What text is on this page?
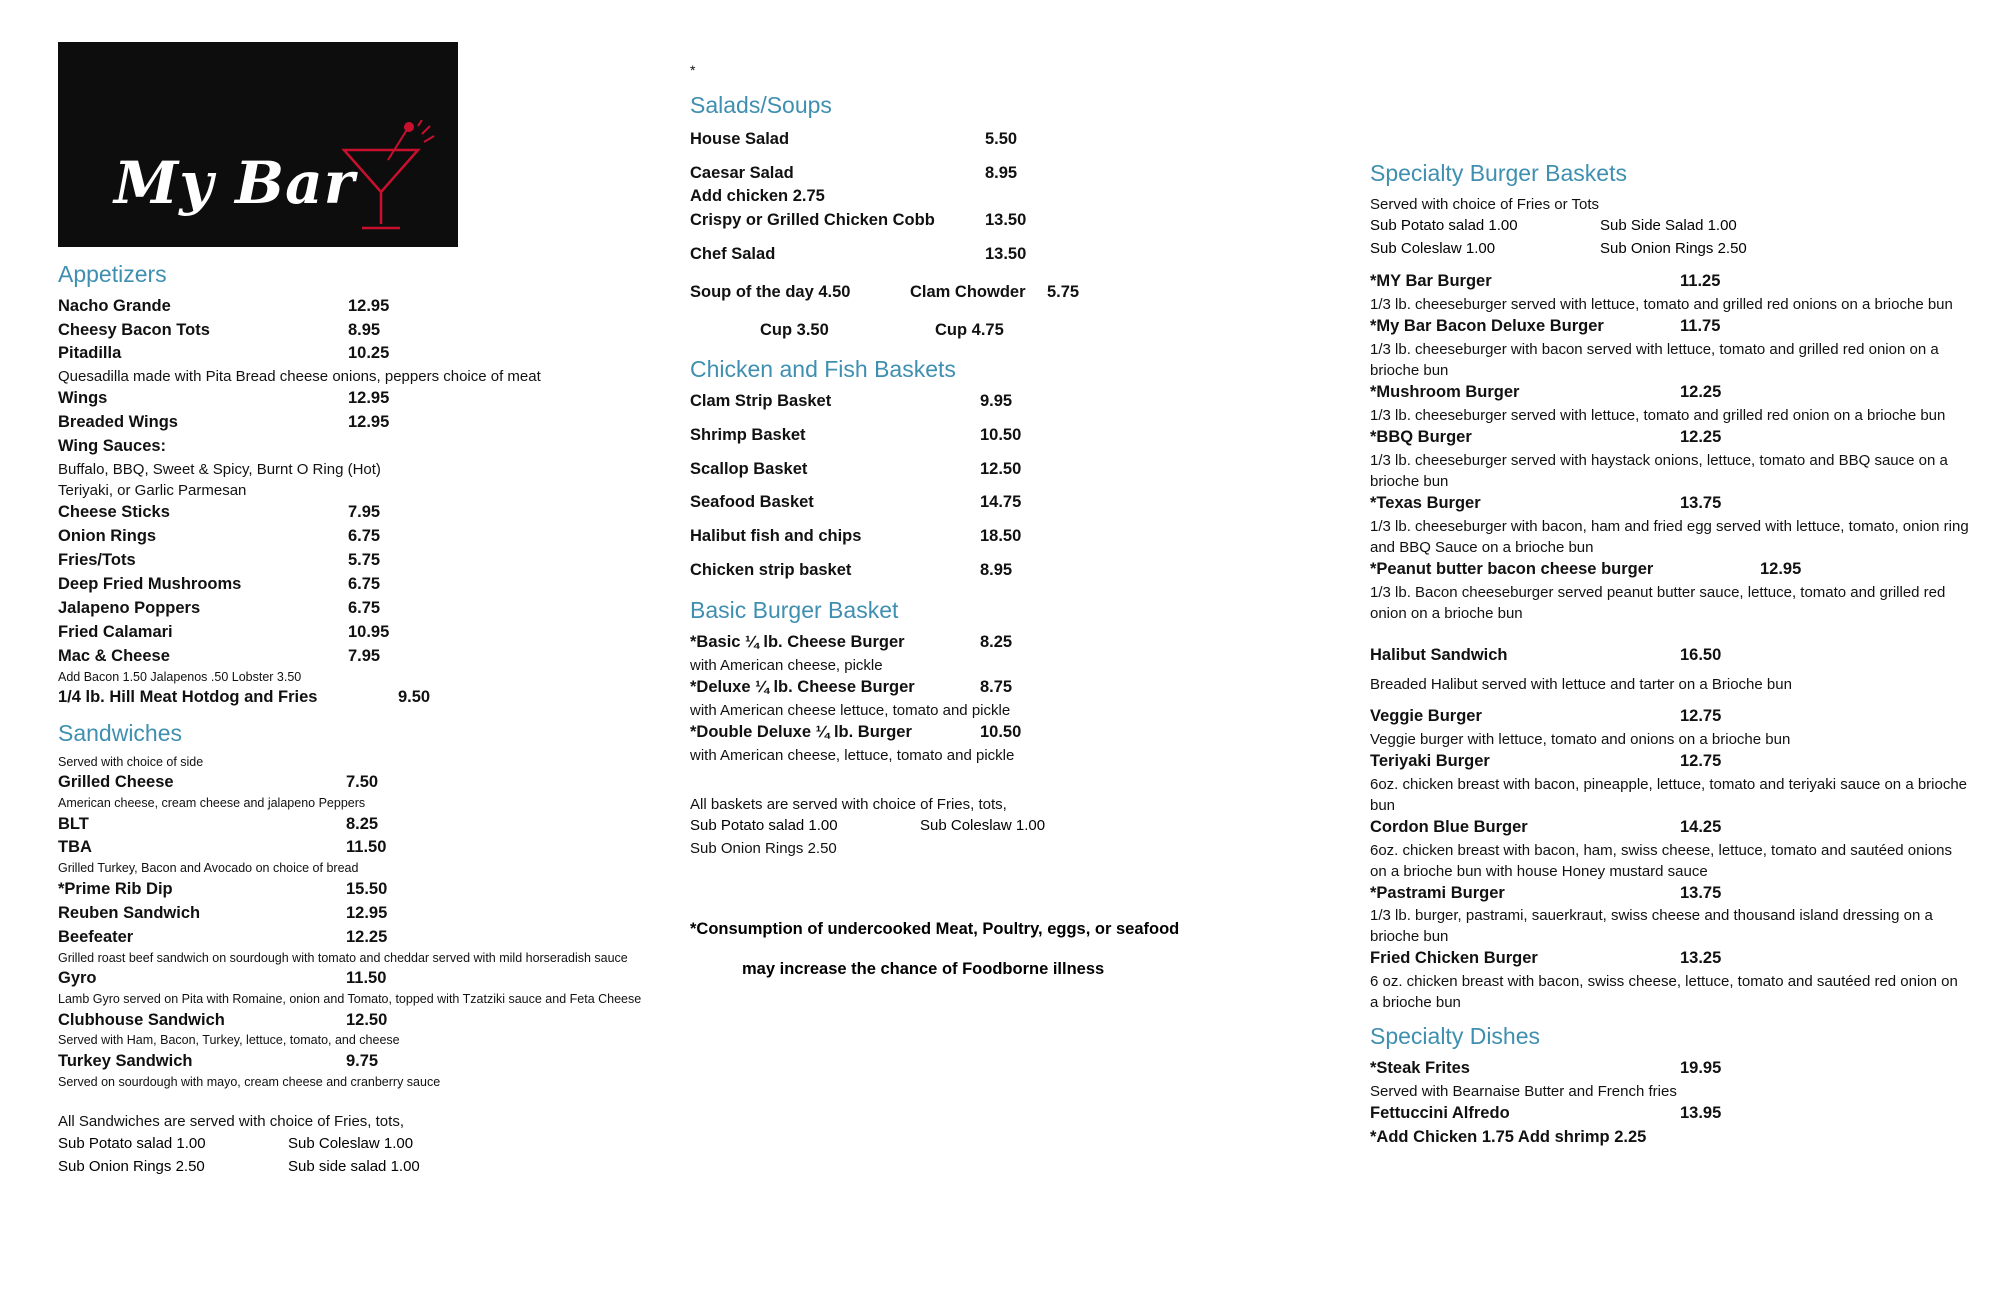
My Bar
Appetizers
Nacho Grande	12.95
Cheesy Bacon Tots	8.95
Pitadilla	10.25
Quesadilla made with Pita Bread cheese onions, peppers choice of meat
Wings	12.95
Breaded Wings	12.95
Wing Sauces:
Buffalo, BBQ, Sweet & Spicy, Burnt O Ring (Hot)
Teriyaki, or Garlic Parmesan
Cheese Sticks	7.95
Onion Rings	6.75
Fries/Tots	5.75
Deep Fried Mushrooms	6.75
Jalapeno Poppers	6.75
Fried Calamari	10.95
Mac & Cheese	7.95
Add Bacon 1.50 Jalapenos .50 Lobster 3.50
1/4 lb. Hill Meat Hotdog and Fries	9.50
Sandwiches
Served with choice of side
Grilled Cheese	7.50
American cheese, cream cheese and jalapeno Peppers
BLT	8.25
TBA	11.50
Grilled Turkey, Bacon and Avocado on choice of bread
*Prime Rib Dip	15.50
Reuben Sandwich	12.95
Beefeater	12.25
Grilled roast beef sandwich on sourdough with tomato and cheddar served with mild horseradish sauce
Gyro	11.50
Lamb Gyro served on Pita with Romaine, onion and Tomato, topped with Tzatziki sauce and Feta Cheese
Clubhouse Sandwich	12.50
Served with Ham, Bacon, Turkey, lettuce, tomato, and cheese
Turkey Sandwich	9.75
Served on sourdough with mayo, cream cheese and cranberry sauce
All Sandwiches are served with choice of Fries, tots,
Sub Potato salad 1.00	Sub Coleslaw 1.00
Sub Onion Rings 2.50	Sub side salad 1.00
*
Salads/Soups
House Salad	5.50
Caesar Salad	8.95
Add chicken 2.75
Crispy or Grilled Chicken Cobb	13.50
Chef Salad	13.50
Soup of the day 4.50	Clam Chowder 5.75
Cup 3.50	Cup 4.75
Chicken and Fish Baskets
Clam Strip Basket	9.95
Shrimp Basket	10.50
Scallop Basket	12.50
Seafood Basket	14.75
Halibut fish and chips	18.50
Chicken strip basket	8.95
Basic Burger Basket
*Basic ¼ lb. Cheese Burger	8.25
with American cheese, pickle
*Deluxe ¼ lb. Cheese Burger	8.75
with American cheese lettuce, tomato and pickle
*Double Deluxe ¼ lb. Burger	10.50
with American cheese, lettuce, tomato and pickle
All baskets are served with choice of Fries, tots,
Sub Potato salad 1.00	Sub Coleslaw 1.00
Sub Onion Rings 2.50
*Consumption of undercooked Meat, Poultry, eggs, or seafood
may increase the chance of Foodborne illness
Specialty Burger Baskets
Served with choice of Fries or Tots
Sub Potato salad 1.00	Sub Side Salad 1.00
Sub Coleslaw 1.00	Sub Onion Rings 2.50
*MY Bar Burger	11.25
1/3 lb. cheeseburger served with lettuce, tomato and grilled red onions on a brioche bun
*My Bar Bacon Deluxe Burger	11.75
1/3 lb. cheeseburger with bacon served with lettuce, tomato and grilled red onion on a brioche bun
*Mushroom Burger	12.25
1/3 lb. cheeseburger served with lettuce, tomato and grilled red onion on a brioche bun
*BBQ Burger	12.25
1/3 lb. cheeseburger served with haystack onions, lettuce, tomato and BBQ sauce on a brioche bun
*Texas Burger	13.75
1/3 lb. cheeseburger with bacon, ham and fried egg served with lettuce, tomato, onion ring and BBQ Sauce on a brioche bun
*Peanut butter bacon cheese burger	12.95
1/3 lb. Bacon cheeseburger served peanut butter sauce, lettuce, tomato and grilled red onion on a brioche bun
Halibut Sandwich	16.50
Breaded Halibut served with lettuce and tarter on a Brioche bun
Veggie Burger	12.75
Veggie burger with lettuce, tomato and onions on a brioche bun
Teriyaki Burger	12.75
6oz. chicken breast with bacon, pineapple, lettuce, tomato and teriyaki sauce on a brioche bun
Cordon Blue Burger	14.25
6oz. chicken breast with bacon, ham, swiss cheese, lettuce, tomato and sautéed onions on a brioche bun with house Honey mustard sauce
*Pastrami Burger	13.75
1/3 lb. burger, pastrami, sauerkraut, swiss cheese and thousand island dressing on a brioche bun
Fried Chicken Burger	13.25
6 oz. chicken breast with bacon, swiss cheese, lettuce, tomato and sautéed red onion on a brioche bun
Specialty Dishes
*Steak Frites	19.95
Served with Bearnaise Butter and French fries
Fettuccini Alfredo	13.95
*Add Chicken 1.75 Add shrimp 2.25
